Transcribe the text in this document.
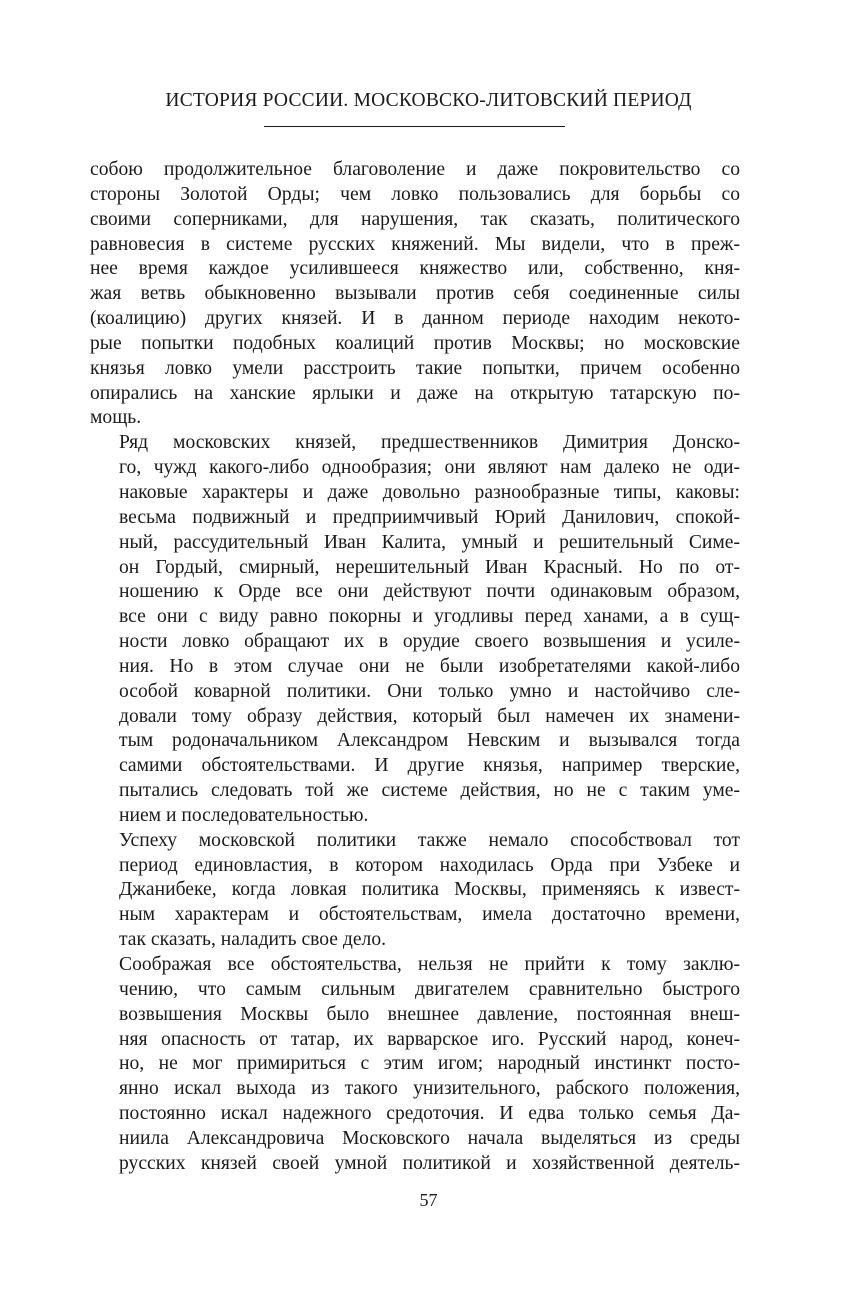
ИСТОРИЯ РОССИИ. МОСКОВСКО-ЛИТОВСКИЙ ПЕРИОД

собою продолжительное благоволение и даже покровительство со
стороны Золотой Орды; чем ловко пользовались для борьбы со
своими соперниками, для нарушения, так сказать, политического
равновесия в системе русских княжений. Мы видели, что в преж-
нее время каждое усилившееся княжество или, собственно, кня-
жая ветвь обыкновенно вызывали против себя соединенные силы
(коалицию) других князей. И в данном периоде находим некото-
рые попытки подобных коалиций против Москвы; но московские
князья ловко умели расстроить такие попытки, причем особенно
опирались на ханские ярлыки и даже на открытую татарскую по-
мощь.

Ряд московских князей, предшественников Димитрия Донско-
го, чужд какого-либо однообразия; они являют нам далеко не оди-
наковые характеры и даже довольно разнообразные типы, каковы:
весьма подвижный и предприимчивый Юрий Данилович, спокой-
ный, рассудительный Иван Калита, умный и решительный Симе-
он Гордый, смирный, нерешительный Иван Красный. Но по от-
ношению к Орде все они действуют почти одинаковым образом,
все они с виду равно покорны и угодливы перед ханами, а в сущ-
ности ловко обращают их в орудие своего возвышения и усиле-
ния. Но в этом случае они не были изобретателями какой-либо
особой коварной политики. Они только умно и настойчиво сле-
довали тому образу действия, который был намечен их знамени-
тым родоначальником Александром Невским и вызывался тогда
самими обстоятельствами. И другие князья, например тверские,
пытались следовать той же системе действия, но не с таким уме-
нием и последовательностью.

Успеху московской политики также немало способствовал тот
период единовластия, в котором находилась Орда при Узбеке и
Джанибеке, когда ловкая политика Москвы, применяясь к извест-
ным характерам и обстоятельствам, имела достаточно времени,
так сказать, наладить свое дело.

Соображая все обстоятельства, нельзя не прийти к тому заклю-
чению, что самым сильным двигателем сравнительно быстрого
возвышения Москвы было внешнее давление, постоянная внеш-
няя опасность от татар, их варварское иго. Русский народ, конеч-
но, не мог примириться с этим игом; народный инстинкт посто-
янно искал выхода из такого унизительного, рабского положения,
постоянно искал надежного средоточия. И едва только семья Да-
ниила Александровича Московского начала выделяться из среды
русских князей своей умной политикой и хозяйственной деятель-

57
